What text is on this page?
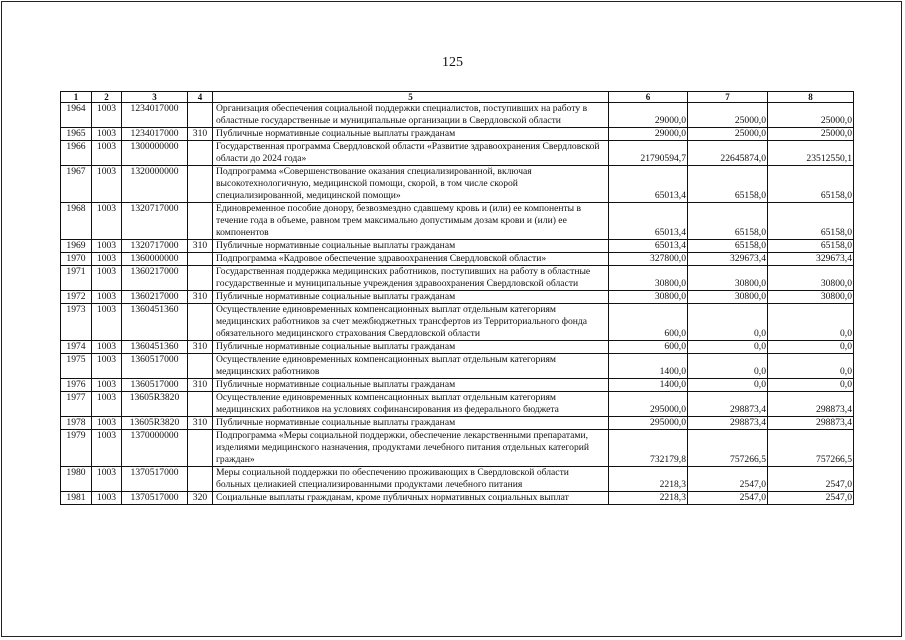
125
1	2	3	4	5	6	7	8
1964	1003	1234017000		Организация обеспечения социальной поддержки специалистов, поступивших на работу в областные государственные и муниципальные организации в Свердловской области	29000,0	25000,0	25000,0
1965	1003	1234017000	310	Публичные нормативные социальные выплаты гражданам	29000,0	25000,0	25000,0
1966	1003	1300000000		Государственная программа Свердловской области «Развитие здравоохранения Свердловской области до 2024 года»	21790594,7	22645874,0	23512550,1
1967	1003	1320000000		Подпрограмма «Совершенствование оказания специализированной, включая высокотехнологичную, медицинской помощи, скорой, в том числе скорой специализированной, медицинской помощи»	65013,4	65158,0	65158,0
1968	1003	1320717000		Единовременное пособие донору, безвозмездно сдавшему кровь и (или) ее компоненты в течение года в объеме, равном трем максимально допустимым дозам крови и (или) ее компонентов	65013,4	65158,0	65158,0
1969	1003	1320717000	310	Публичные нормативные социальные выплаты гражданам	65013,4	65158,0	65158,0
1970	1003	1360000000		Подпрограмма «Кадровое обеспечение здравоохранения Свердловской области»	327800,0	329673,4	329673,4
1971	1003	1360217000		Государственная поддержка медицинских работников, поступивших на работу в областные государственные и муниципальные учреждения здравоохранения Свердловской области	30800,0	30800,0	30800,0
1972	1003	1360217000	310	Публичные нормативные социальные выплаты гражданам	30800,0	30800,0	30800,0
1973	1003	1360451360		Осуществление единовременных компенсационных выплат отдельным категориям медицинских работников за счет межбюджетных трансфертов из Территориального фонда обязательного медицинского страхования Свердловской области	600,0	0,0	0,0
1974	1003	1360451360	310	Публичные нормативные социальные выплаты гражданам	600,0	0,0	0,0
1975	1003	1360517000		Осуществление единовременных компенсационных выплат отдельным категориям медицинских работников	1400,0	0,0	0,0
1976	1003	1360517000	310	Публичные нормативные социальные выплаты гражданам	1400,0	0,0	0,0
1977	1003	13605R3820		Осуществление единовременных компенсационных выплат отдельным категориям медицинских работников на условиях софинансирования из федерального бюджета	295000,0	298873,4	298873,4
1978	1003	13605R3820	310	Публичные нормативные социальные выплаты гражданам	295000,0	298873,4	298873,4
1979	1003	1370000000		Подпрограмма «Меры социальной поддержки, обеспечение лекарственными препаратами, изделиями медицинского назначения, продуктами лечебного питания отдельных категорий граждан»	732179,8	757266,5	757266,5
1980	1003	1370517000		Меры социальной поддержки по обеспечению проживающих в Свердловской области больных целиакией специализированными продуктами лечебного питания	2218,3	2547,0	2547,0
1981	1003	1370517000	320	Социальные выплаты гражданам, кроме публичных нормативных социальных выплат	2218,3	2547,0	2547,0
